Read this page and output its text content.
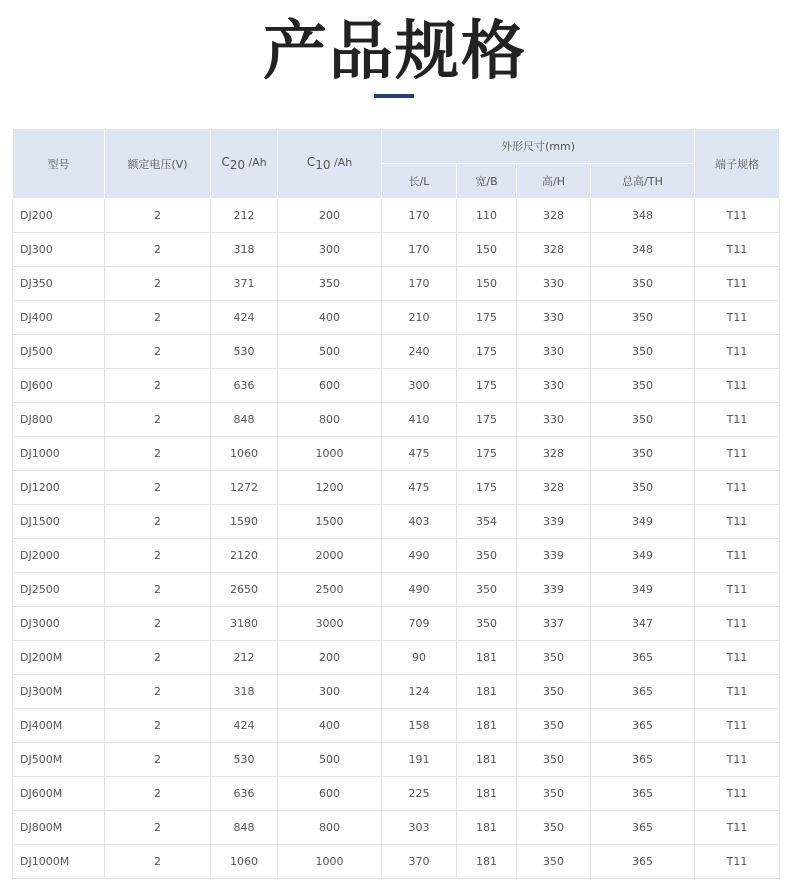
产品规格
型号	额定电压(V)	$C_{20}$ /Ah	$C_{10}$ /Ah	外形尺寸(mm)				端子规格
				长/L	宽/B	高/H	总高/TH	
DJ200	2	212	200	170	110	328	348	T11
DJ300	2	318	300	170	150	328	348	T11
DJ350	2	371	350	170	150	330	350	T11
DJ400	2	424	400	210	175	330	350	T11
DJ500	2	530	500	240	175	330	350	T11
DJ600	2	636	600	300	175	330	350	T11
DJ800	2	848	800	410	175	330	350	T11
DJ1000	2	1060	1000	475	175	328	350	T11
DJ1200	2	1272	1200	475	175	328	350	T11
DJ1500	2	1590	1500	403	354	339	349	T11
DJ2000	2	2120	2000	490	350	339	349	T11
DJ2500	2	2650	2500	490	350	339	349	T11
DJ3000	2	3180	3000	709	350	337	347	T11
DJ200M	2	212	200	90	181	350	365	T11
DJ300M	2	318	300	124	181	350	365	T11
DJ400M	2	424	400	158	181	350	365	T11
DJ500M	2	530	500	191	181	350	365	T11
DJ600M	2	636	600	225	181	350	365	T11
DJ800M	2	848	800	303	181	350	365	T11
DJ1000M	2	1060	1000	370	181	350	365	T11
